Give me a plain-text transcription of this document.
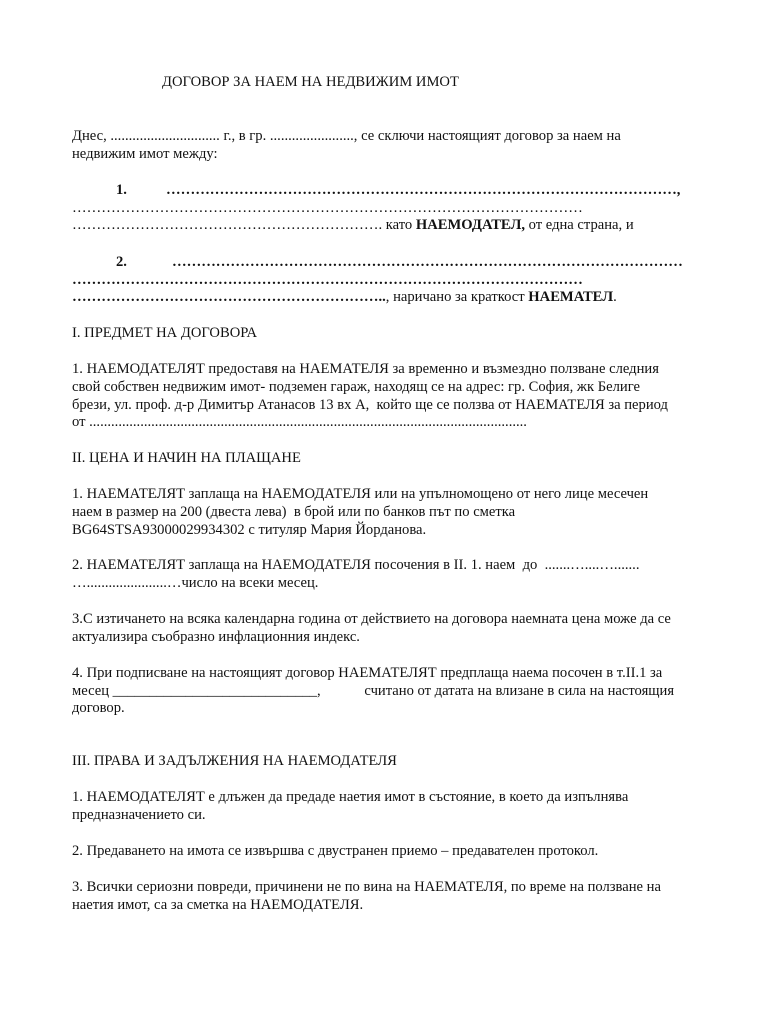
ДОГОВОР ЗА НАЕМ НА НЕДВИЖИМ ИМОТ
Днес, .............................. г., в гр. ......................., се сключи настоящият договор за наем на
недвижим имот между:
1.	……………………………………………………………………………………………,
……………………………………………………………………………………………
………………………………………………………. като НАЕМОДАТЕЛ, от една страна, и
2.	……………………………………………………………………………………………
……………………………………………………………………………………………
……………………………………………………….., наричано за краткост НАЕМАТЕЛ.
I. ПРЕДМЕТ НА ДОГОВОРА
1. НАЕМОДАТЕЛЯТ предоставя на НАЕМАТЕЛЯ за временно и възмездно ползване следния
свой собствен недвижим имот- подземен гараж, находящ се на адрес: гр. София, жк Белиге
брези, ул. проф. д-р Димитър Атанасов 13 вх А,  който ще се ползва от НАЕМАТЕЛЯ за период
от ........................................................................................................................
II. ЦЕНА И НАЧИН НА ПЛАЩАНЕ
1. НАЕМАТЕЛЯТ заплаща на НАЕМОДАТЕЛЯ или на упълномощено от него лице месечен
наем в размер на 200 (двеста лева)  в брой или по банков път по сметка
BG64STSA93000029934302 с титуляр Мария Йорданова.
2. НАЕМАТЕЛЯТ заплаща на НАЕМОДАТЕЛЯ посочения в II. 1. наем  до  .......…....….......
…......................…число на всеки месец.
3.С изтичането на всяка календарна година от действието на договора наемната цена може да се
актуализира съобразно инфлационния индекс.
4. При подписване на настоящият договор НАЕМАТЕЛЯТ предплаща наема посочен в т.II.1 за
месец ____________________________,            считано от датата на влизане в сила на настоящия
договор.
III. ПРАВА И ЗАДЪЛЖЕНИЯ НА НАЕМОДАТЕЛЯ
1. НАЕМОДАТЕЛЯТ е длъжен да предаде наетия имот в състояние, в което да изпълнява
предназначението си.
2. Предаването на имота се извършва с двустранен приемо – предавателен протокол.
3. Всички сериозни повреди, причинени не по вина на НАЕМАТЕЛЯ, по време на ползване на
наетия имот, са за сметка на НАЕМОДАТЕЛЯ.
